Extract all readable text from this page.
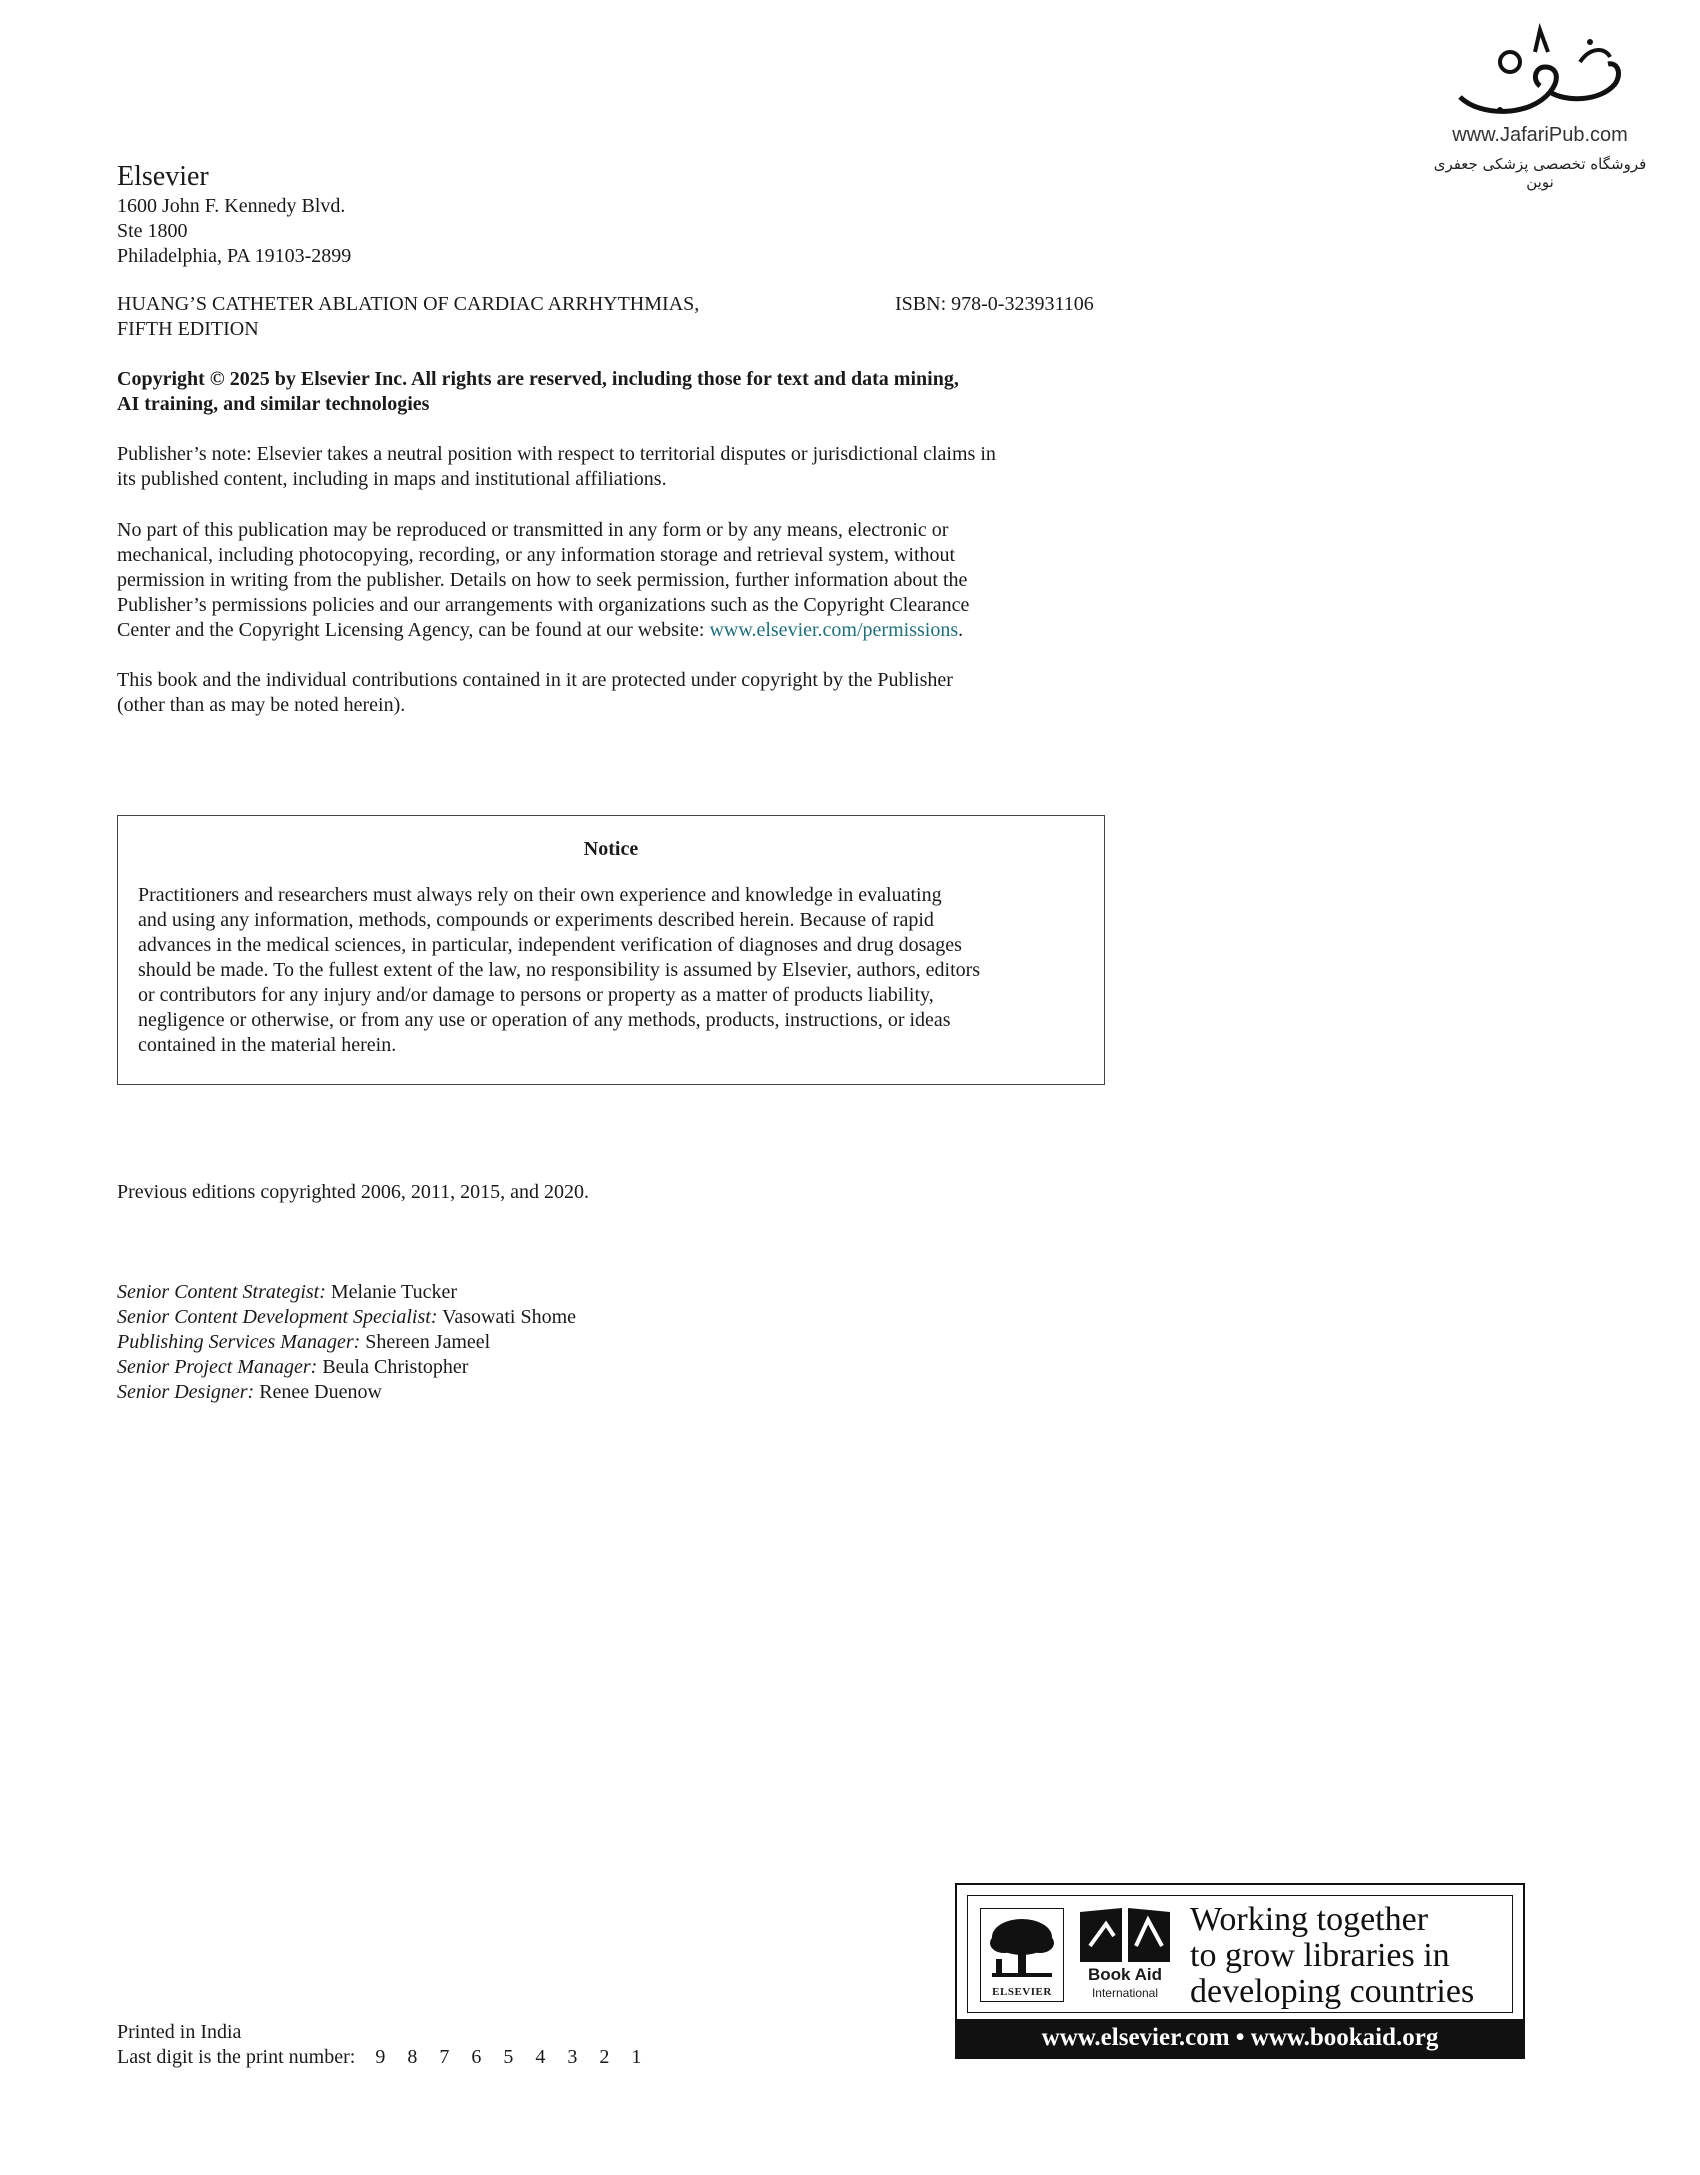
www.JafariPub.com
فروشگاه تخصصی پزشکی جعفری نوین
Elsevier
1600 John F. Kennedy Blvd.
Ste 1800
Philadelphia, PA 19103-2899
HUANG’S CATHETER ABLATION OF CARDIAC ARRHYTHMIAS,
FIFTH EDITION
ISBN: 978-0-323931106
Copyright © 2025 by Elsevier Inc. All rights are reserved, including those for text and data mining,
AI training, and similar technologies
Publisher’s note: Elsevier takes a neutral position with respect to territorial disputes or jurisdictional claims in
its published content, including in maps and institutional affiliations.
No part of this publication may be reproduced or transmitted in any form or by any means, electronic or
mechanical, including photocopying, recording, or any information storage and retrieval system, without
permission in writing from the publisher. Details on how to seek permission, further information about the
Publisher’s permissions policies and our arrangements with organizations such as the Copyright Clearance
Center and the Copyright Licensing Agency, can be found at our website: www.elsevier.com/permissions.
This book and the individual contributions contained in it are protected under copyright by the Publisher
(other than as may be noted herein).
Notice
Practitioners and researchers must always rely on their own experience and knowledge in evaluating
and using any information, methods, compounds or experiments described herein. Because of rapid
advances in the medical sciences, in particular, independent verification of diagnoses and drug dosages
should be made. To the fullest extent of the law, no responsibility is assumed by Elsevier, authors, editors
or contributors for any injury and/or damage to persons or property as a matter of products liability,
negligence or otherwise, or from any use or operation of any methods, products, instructions, or ideas
contained in the material herein.
Previous editions copyrighted 2006, 2011, 2015, and 2020.
Senior Content Strategist: Melanie Tucker
Senior Content Development Specialist: Vasowati Shome
Publishing Services Manager: Shereen Jameel
Senior Project Manager: Beula Christopher
Senior Designer: Renee Duenow
Printed in India
Last digit is the print number: 9 8 7 6 5 4 3 2 1
ELSEVIER
Book Aid
International
Working together
to grow libraries in
developing countries
www.elsevier.com • www.bookaid.org
